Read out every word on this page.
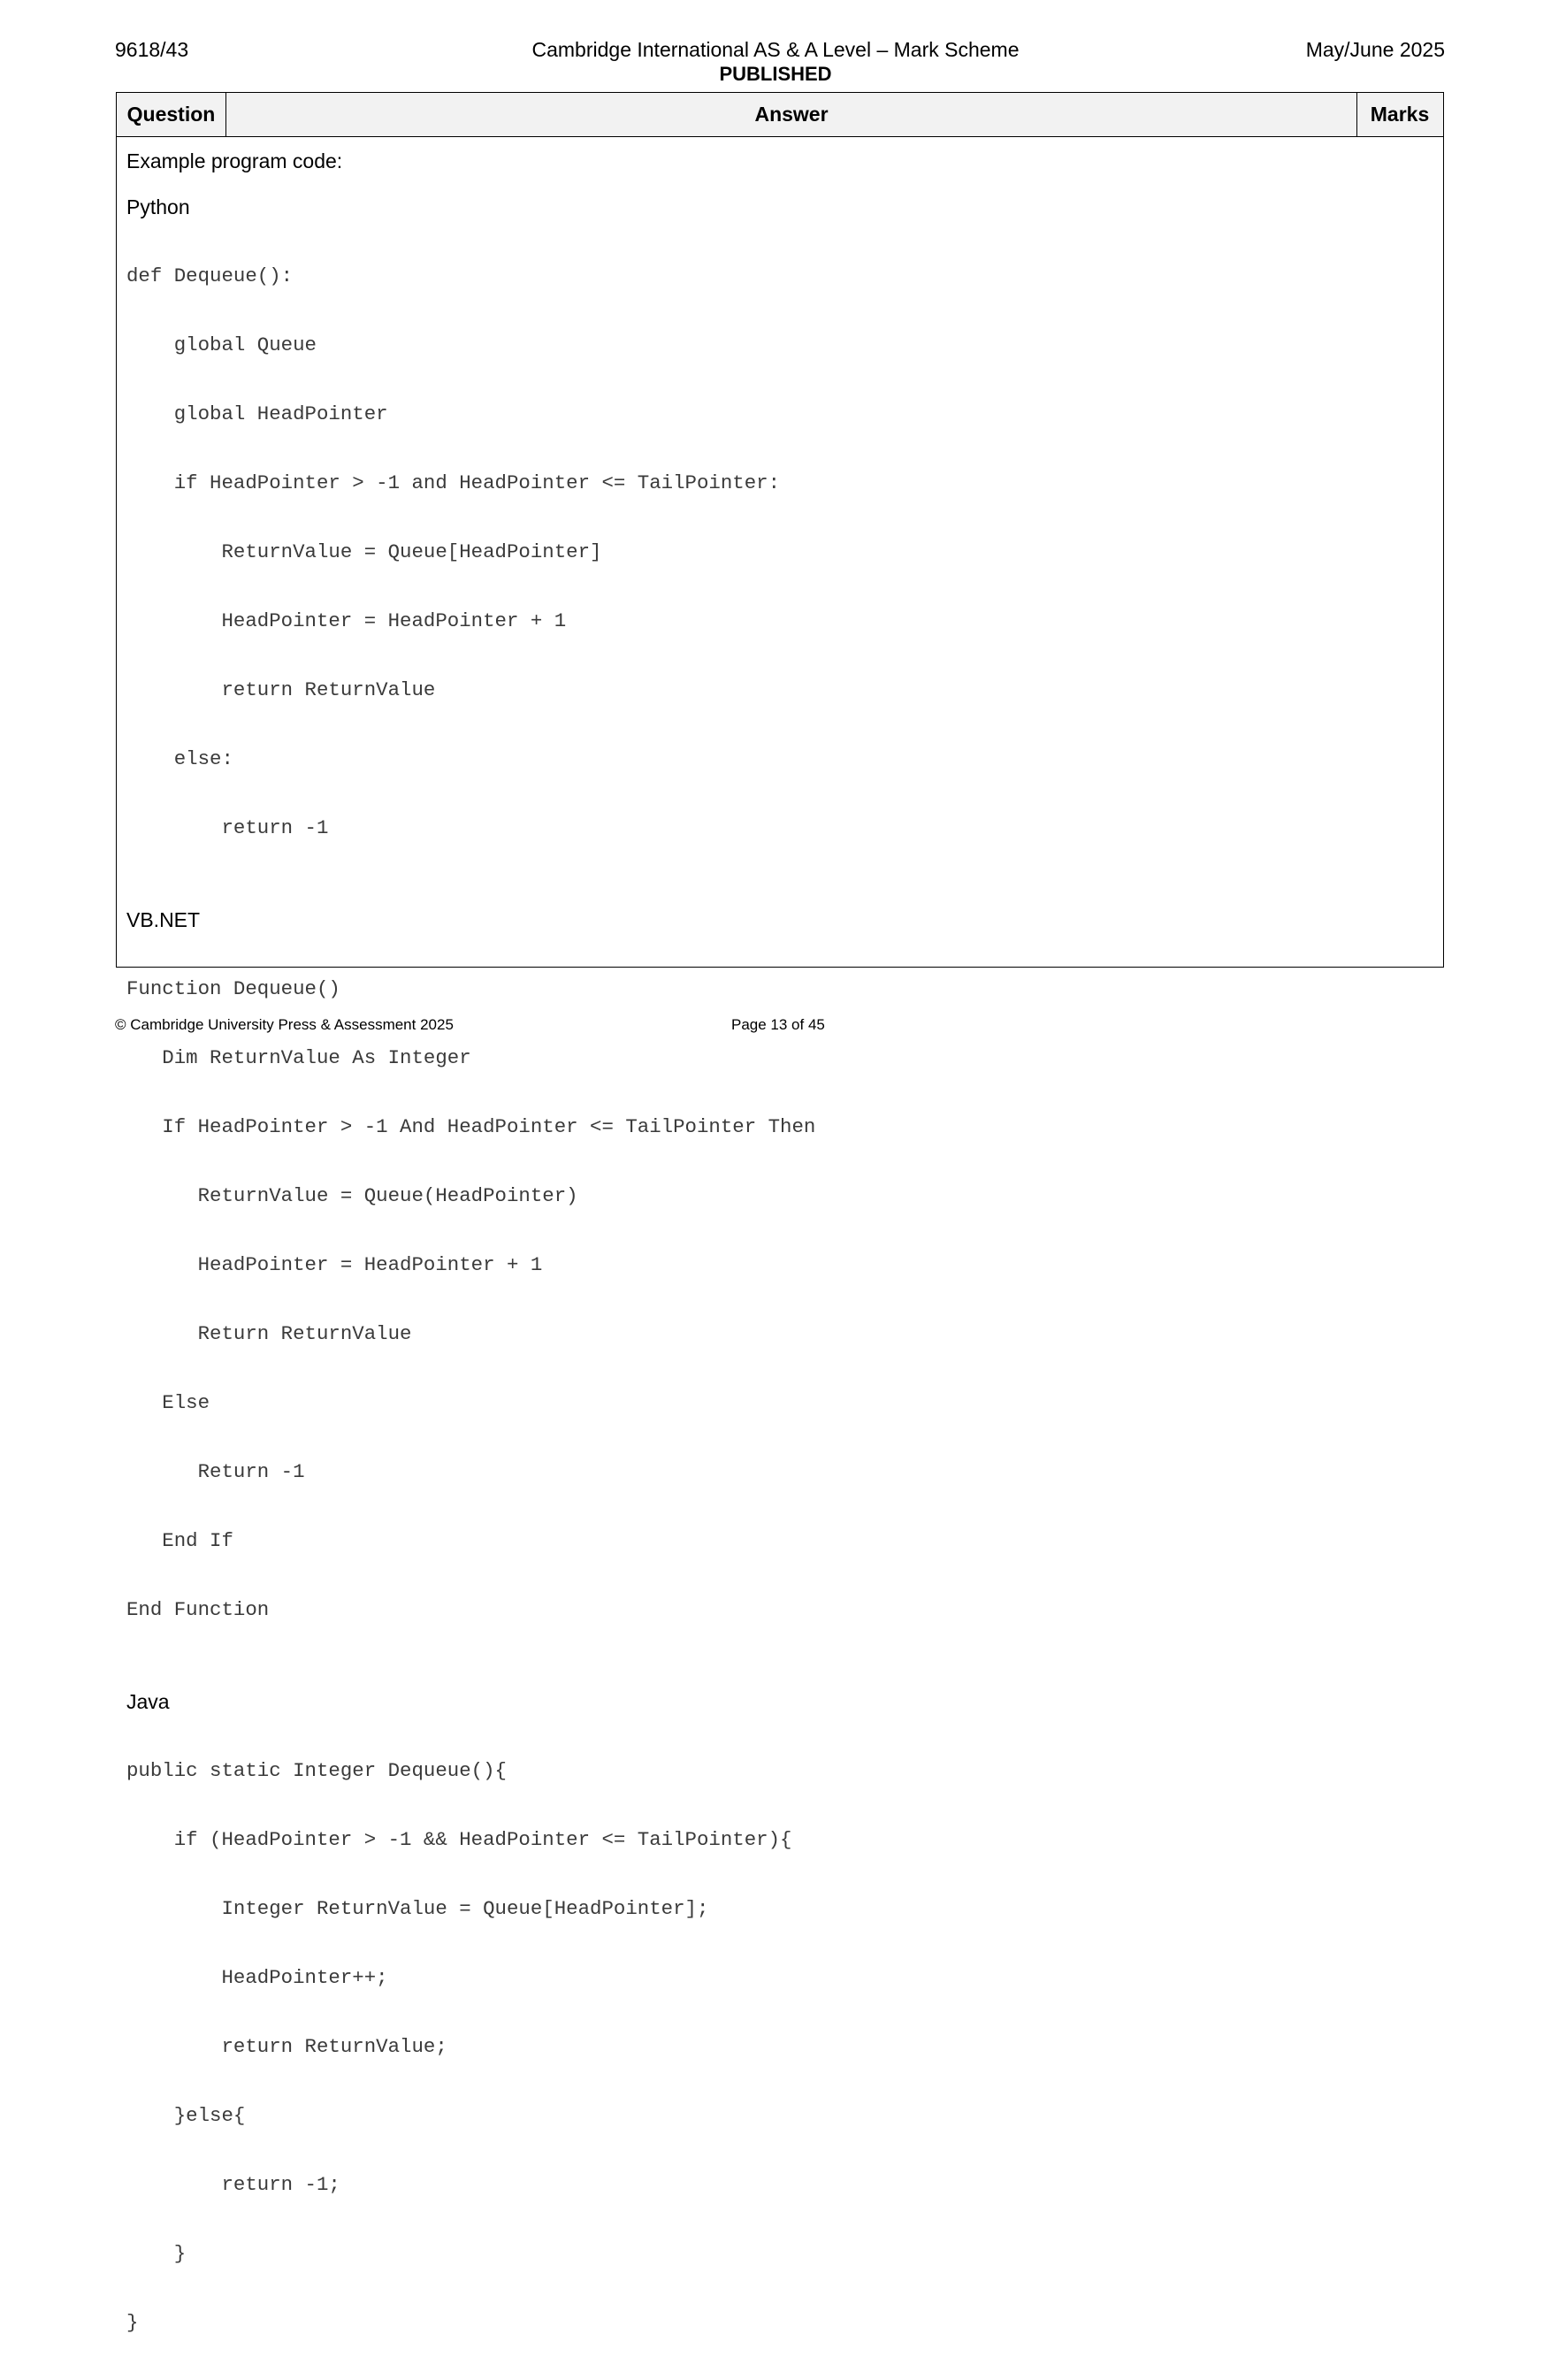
9618/43	Cambridge International AS & A Level – Mark Scheme	May/June 2025
PUBLISHED
Question	Answer	Marks

Example program code:

Python

def Dequeue():

global Queue

global HeadPointer

if HeadPointer > -1 and HeadPointer <= TailPointer:

ReturnValue = Queue[HeadPointer]

HeadPointer = HeadPointer + 1

return ReturnValue

else:

return -1

VB.NET

Function Dequeue()

Dim ReturnValue As Integer

If HeadPointer > -1 And HeadPointer <= TailPointer Then

ReturnValue = Queue(HeadPointer)

HeadPointer = HeadPointer + 1

Return ReturnValue

Else

Return -1

End If

End Function

Java

public static Integer Dequeue(){

if (HeadPointer > -1 && HeadPointer <= TailPointer){

Integer ReturnValue = Queue[HeadPointer];

HeadPointer++;

return ReturnValue;

}else{

return -1;

}

}

© Cambridge University Press & Assessment 2025	Page 13 of 45
